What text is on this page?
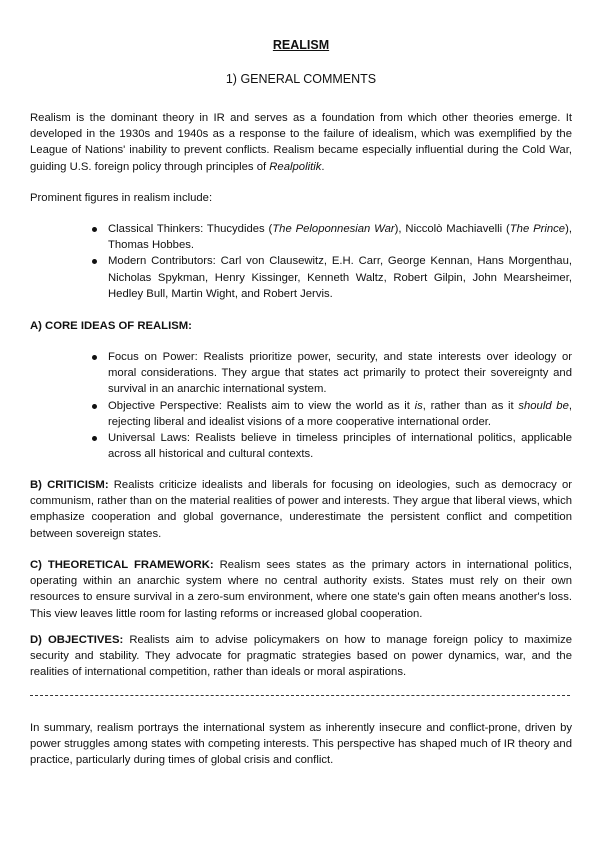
REALISM
1) GENERAL COMMENTS

Realism is the dominant theory in IR and serves as a foundation from which other theories emerge. It developed in the 1930s and 1940s as a response to the failure of idealism, which was exemplified by the League of Nations' inability to prevent conflicts. Realism became especially influential during the Cold War, guiding U.S. foreign policy through principles of Realpolitik.

Prominent figures in realism include:

Classical Thinkers: Thucydides (The Peloponnesian War), Niccolò Machiavelli (The Prince), Thomas Hobbes.
Modern Contributors: Carl von Clausewitz, E.H. Carr, George Kennan, Hans Morgenthau, Nicholas Spykman, Henry Kissinger, Kenneth Waltz, Robert Gilpin, John Mearsheimer, Hedley Bull, Martin Wight, and Robert Jervis.
A) CORE IDEAS OF REALISM:
Focus on Power: Realists prioritize power, security, and state interests over ideology or moral considerations. They argue that states act primarily to protect their sovereignty and survival in an anarchic international system.
Objective Perspective: Realists aim to view the world as it is, rather than as it should be, rejecting liberal and idealist visions of a more cooperative international order.
Universal Laws: Realists believe in timeless principles of international politics, applicable across all historical and cultural contexts.

B) CRITICISM: Realists criticize idealists and liberals for focusing on ideologies, such as democracy or communism, rather than on the material realities of power and interests. They argue that liberal views, which emphasize cooperation and global governance, underestimate the persistent conflict and competition between sovereign states.

C) THEORETICAL FRAMEWORK: Realism sees states as the primary actors in international politics, operating within an anarchic system where no central authority exists. States must rely on their own resources to ensure survival in a zero-sum environment, where one state's gain often means another's loss. This view leaves little room for lasting reforms or increased global cooperation.

D) OBJECTIVES: Realists aim to advise policymakers on how to manage foreign policy to maximize security and stability. They advocate for pragmatic strategies based on power dynamics, war, and the realities of international competition, rather than ideals or moral aspirations.

In summary, realism portrays the international system as inherently insecure and conflict-prone, driven by power struggles among states with competing interests. This perspective has shaped much of IR theory and practice, particularly during times of global crisis and conflict.
